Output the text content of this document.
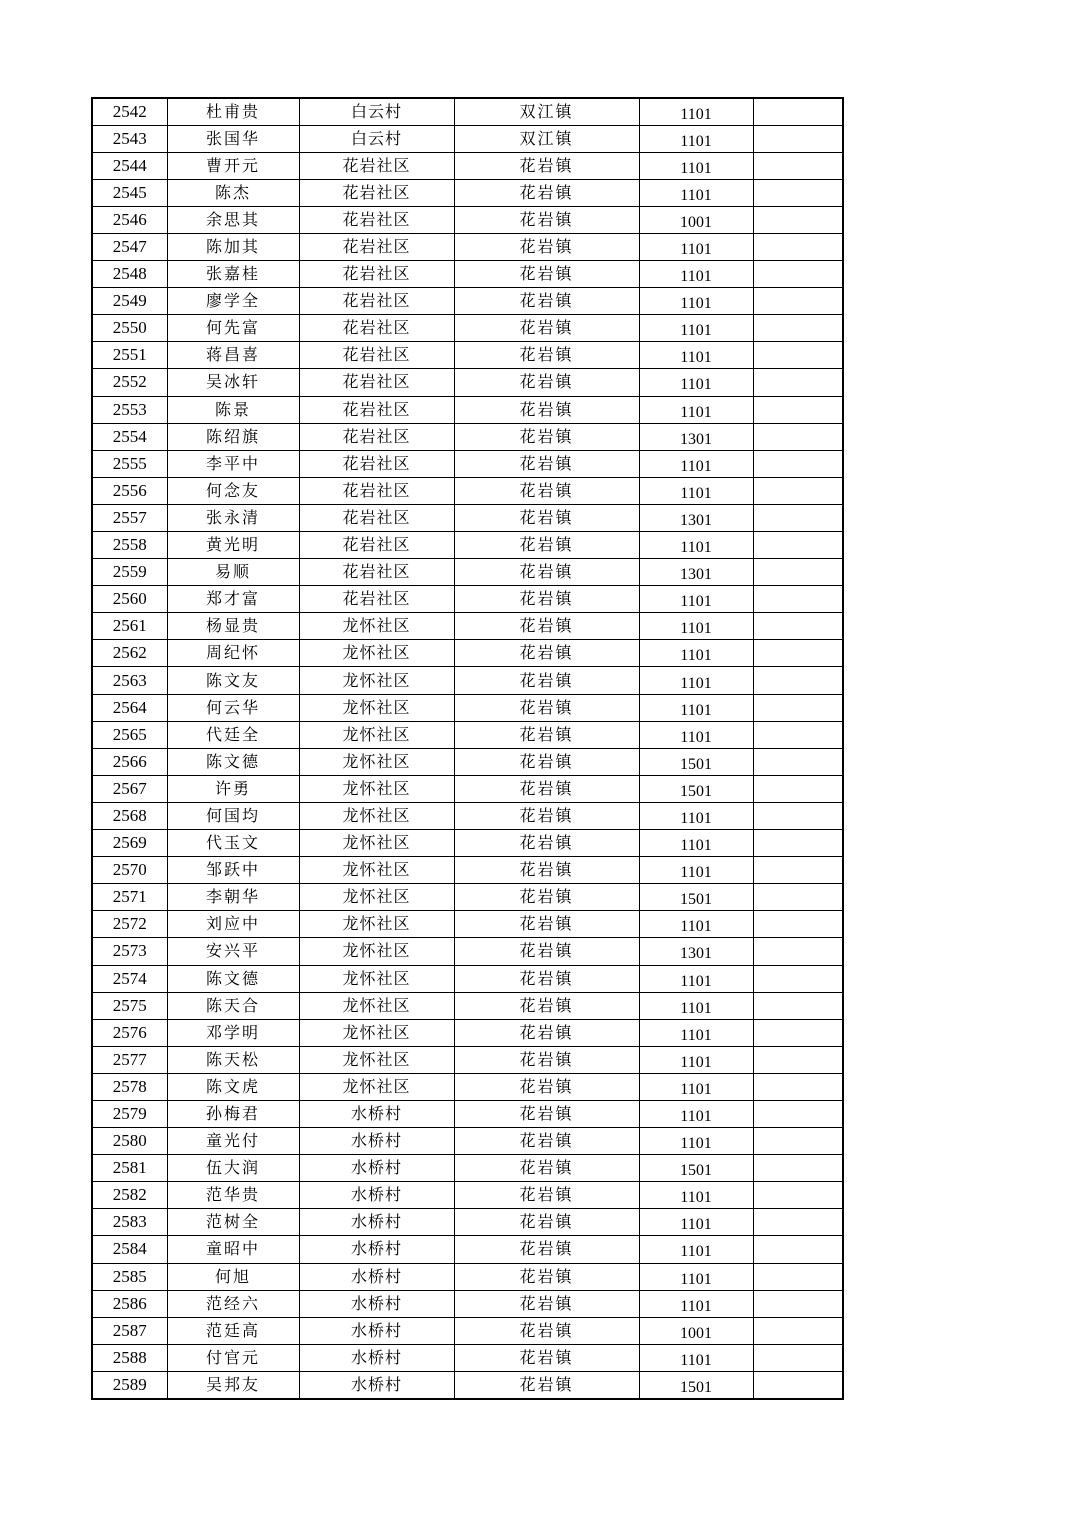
2542	杜甫贵	白云村	双江镇	1101	
2543	张国华	白云村	双江镇	1101	
2544	曹开元	花岩社区	花岩镇	1101	
2545	陈杰	花岩社区	花岩镇	1101	
2546	余思其	花岩社区	花岩镇	1001	
2547	陈加其	花岩社区	花岩镇	1101	
2548	张嘉桂	花岩社区	花岩镇	1101	
2549	廖学全	花岩社区	花岩镇	1101	
2550	何先富	花岩社区	花岩镇	1101	
2551	蒋昌喜	花岩社区	花岩镇	1101	
2552	吴冰轩	花岩社区	花岩镇	1101	
2553	陈景	花岩社区	花岩镇	1101	
2554	陈绍旗	花岩社区	花岩镇	1301	
2555	李平中	花岩社区	花岩镇	1101	
2556	何念友	花岩社区	花岩镇	1101	
2557	张永清	花岩社区	花岩镇	1301	
2558	黄光明	花岩社区	花岩镇	1101	
2559	易顺	花岩社区	花岩镇	1301	
2560	郑才富	花岩社区	花岩镇	1101	
2561	杨显贵	龙怀社区	花岩镇	1101	
2562	周纪怀	龙怀社区	花岩镇	1101	
2563	陈文友	龙怀社区	花岩镇	1101	
2564	何云华	龙怀社区	花岩镇	1101	
2565	代廷全	龙怀社区	花岩镇	1101	
2566	陈文德	龙怀社区	花岩镇	1501	
2567	许勇	龙怀社区	花岩镇	1501	
2568	何国均	龙怀社区	花岩镇	1101	
2569	代玉文	龙怀社区	花岩镇	1101	
2570	邹跃中	龙怀社区	花岩镇	1101	
2571	李朝华	龙怀社区	花岩镇	1501	
2572	刘应中	龙怀社区	花岩镇	1101	
2573	安兴平	龙怀社区	花岩镇	1301	
2574	陈文德	龙怀社区	花岩镇	1101	
2575	陈天合	龙怀社区	花岩镇	1101	
2576	邓学明	龙怀社区	花岩镇	1101	
2577	陈天松	龙怀社区	花岩镇	1101	
2578	陈文虎	龙怀社区	花岩镇	1101	
2579	孙梅君	水桥村	花岩镇	1101	
2580	童光付	水桥村	花岩镇	1101	
2581	伍大润	水桥村	花岩镇	1501	
2582	范华贵	水桥村	花岩镇	1101	
2583	范树全	水桥村	花岩镇	1101	
2584	童昭中	水桥村	花岩镇	1101	
2585	何旭	水桥村	花岩镇	1101	
2586	范经六	水桥村	花岩镇	1101	
2587	范廷高	水桥村	花岩镇	1001	
2588	付官元	水桥村	花岩镇	1101	
2589	吴邦友	水桥村	花岩镇	1501	
